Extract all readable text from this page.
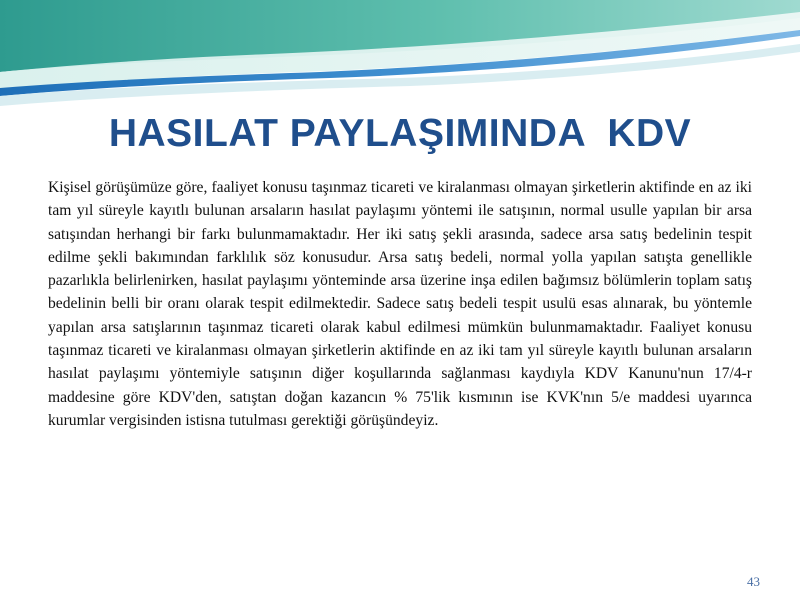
HASILAT PAYLAŞIMINDA  KDV

Kişisel görüşümüze göre, faaliyet konusu taşınmaz ticareti ve kiralanması olmayan şirketlerin aktifinde en az iki tam yıl süreyle kayıtlı bulunan arsaların hasılat paylaşımı yöntemi ile satışının, normal usulle yapılan bir arsa satışından herhangi bir farkı bulunmamaktadır. Her iki satış şekli arasında, sadece arsa satış bedelinin tespit edilme şekli bakımından farklılık söz konusudur. Arsa satış bedeli, normal yolla yapılan satışta genellikle pazarlıkla belirlenirken, hasılat paylaşımı yönteminde arsa üzerine inşa edilen bağımsız bölümlerin toplam satış bedelinin belli bir oranı olarak tespit edilmektedir. Sadece satış bedeli tespit usulü esas alınarak, bu yöntemle yapılan arsa satışlarının taşınmaz ticareti olarak kabul edilmesi mümkün bulunmamaktadır. Faaliyet konusu taşınmaz ticareti ve kiralanması olmayan şirketlerin aktifinde en az iki tam yıl süreyle kayıtlı bulunan arsaların hasılat paylaşımı yöntemiyle satışının diğer koşullarında sağlanması kaydıyla KDV Kanunu'nun 17/4-r maddesine göre KDV'den, satıştan doğan kazancın % 75'lik kısmının ise KVK'nın 5/e maddesi uyarınca kurumlar vergisinden istisna tutulması gerektiği görüşündeyiz.

43
